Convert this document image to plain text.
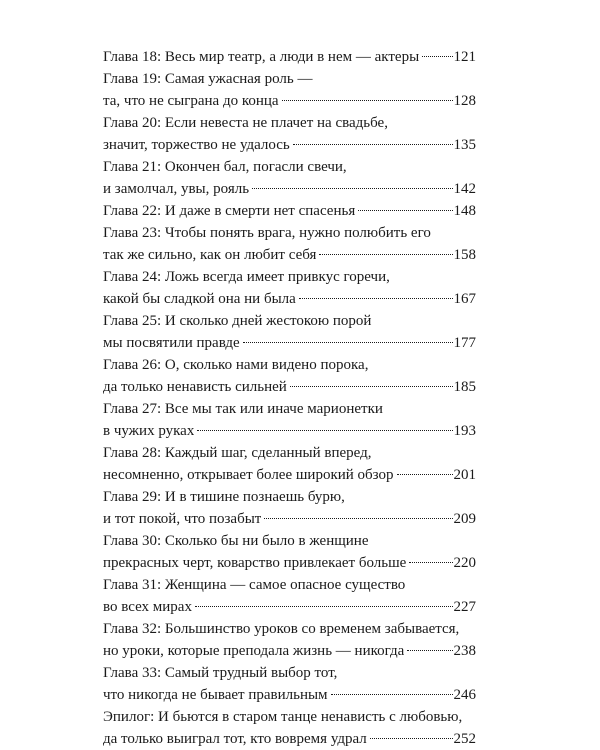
Глава 18: Весь мир театр, а люди в нем — актеры 121
Глава 19: Самая ужасная роль —
та, что не сыграна до конца	128
Глава 20: Если невеста не плачет на свадьбе,
значит, торжество не удалось	135
Глава 21: Окончен бал, погасли свечи,
и замолчал, увы, рояль	142
Глава 22: И даже в смерти нет спасенья	148
Глава 23: Чтобы понять врага, нужно полюбить его
так же сильно, как он любит себя	158
Глава 24: Ложь всегда имеет привкус горечи,
какой бы сладкой она ни была	167
Глава 25: И сколько дней жестокою порой
мы посвятили правде	177
Глава 26: О, сколько нами видено порока,
да только ненависть сильней	185
Глава 27: Все мы так или иначе марионетки
в чужих руках	193
Глава 28: Каждый шаг, сделанный вперед,
несомненно, открывает более широкий обзор	201
Глава 29: И в тишине познаешь бурю,
и тот покой, что позабыт	209
Глава 30: Сколько бы ни было в женщине
прекрасных черт, коварство привлекает больше	220
Глава 31: Женщина — самое опасное существо
во всех мирах	227
Глава 32: Большинство уроков со временем забывается,
но уроки, которые преподала жизнь — никогда	238
Глава 33: Самый трудный выбор тот,
что никогда не бывает правильным	246
Эпилог: И бьются в старом танце ненависть с любовью,
да только выиграл тот, кто вовремя удрал	252
